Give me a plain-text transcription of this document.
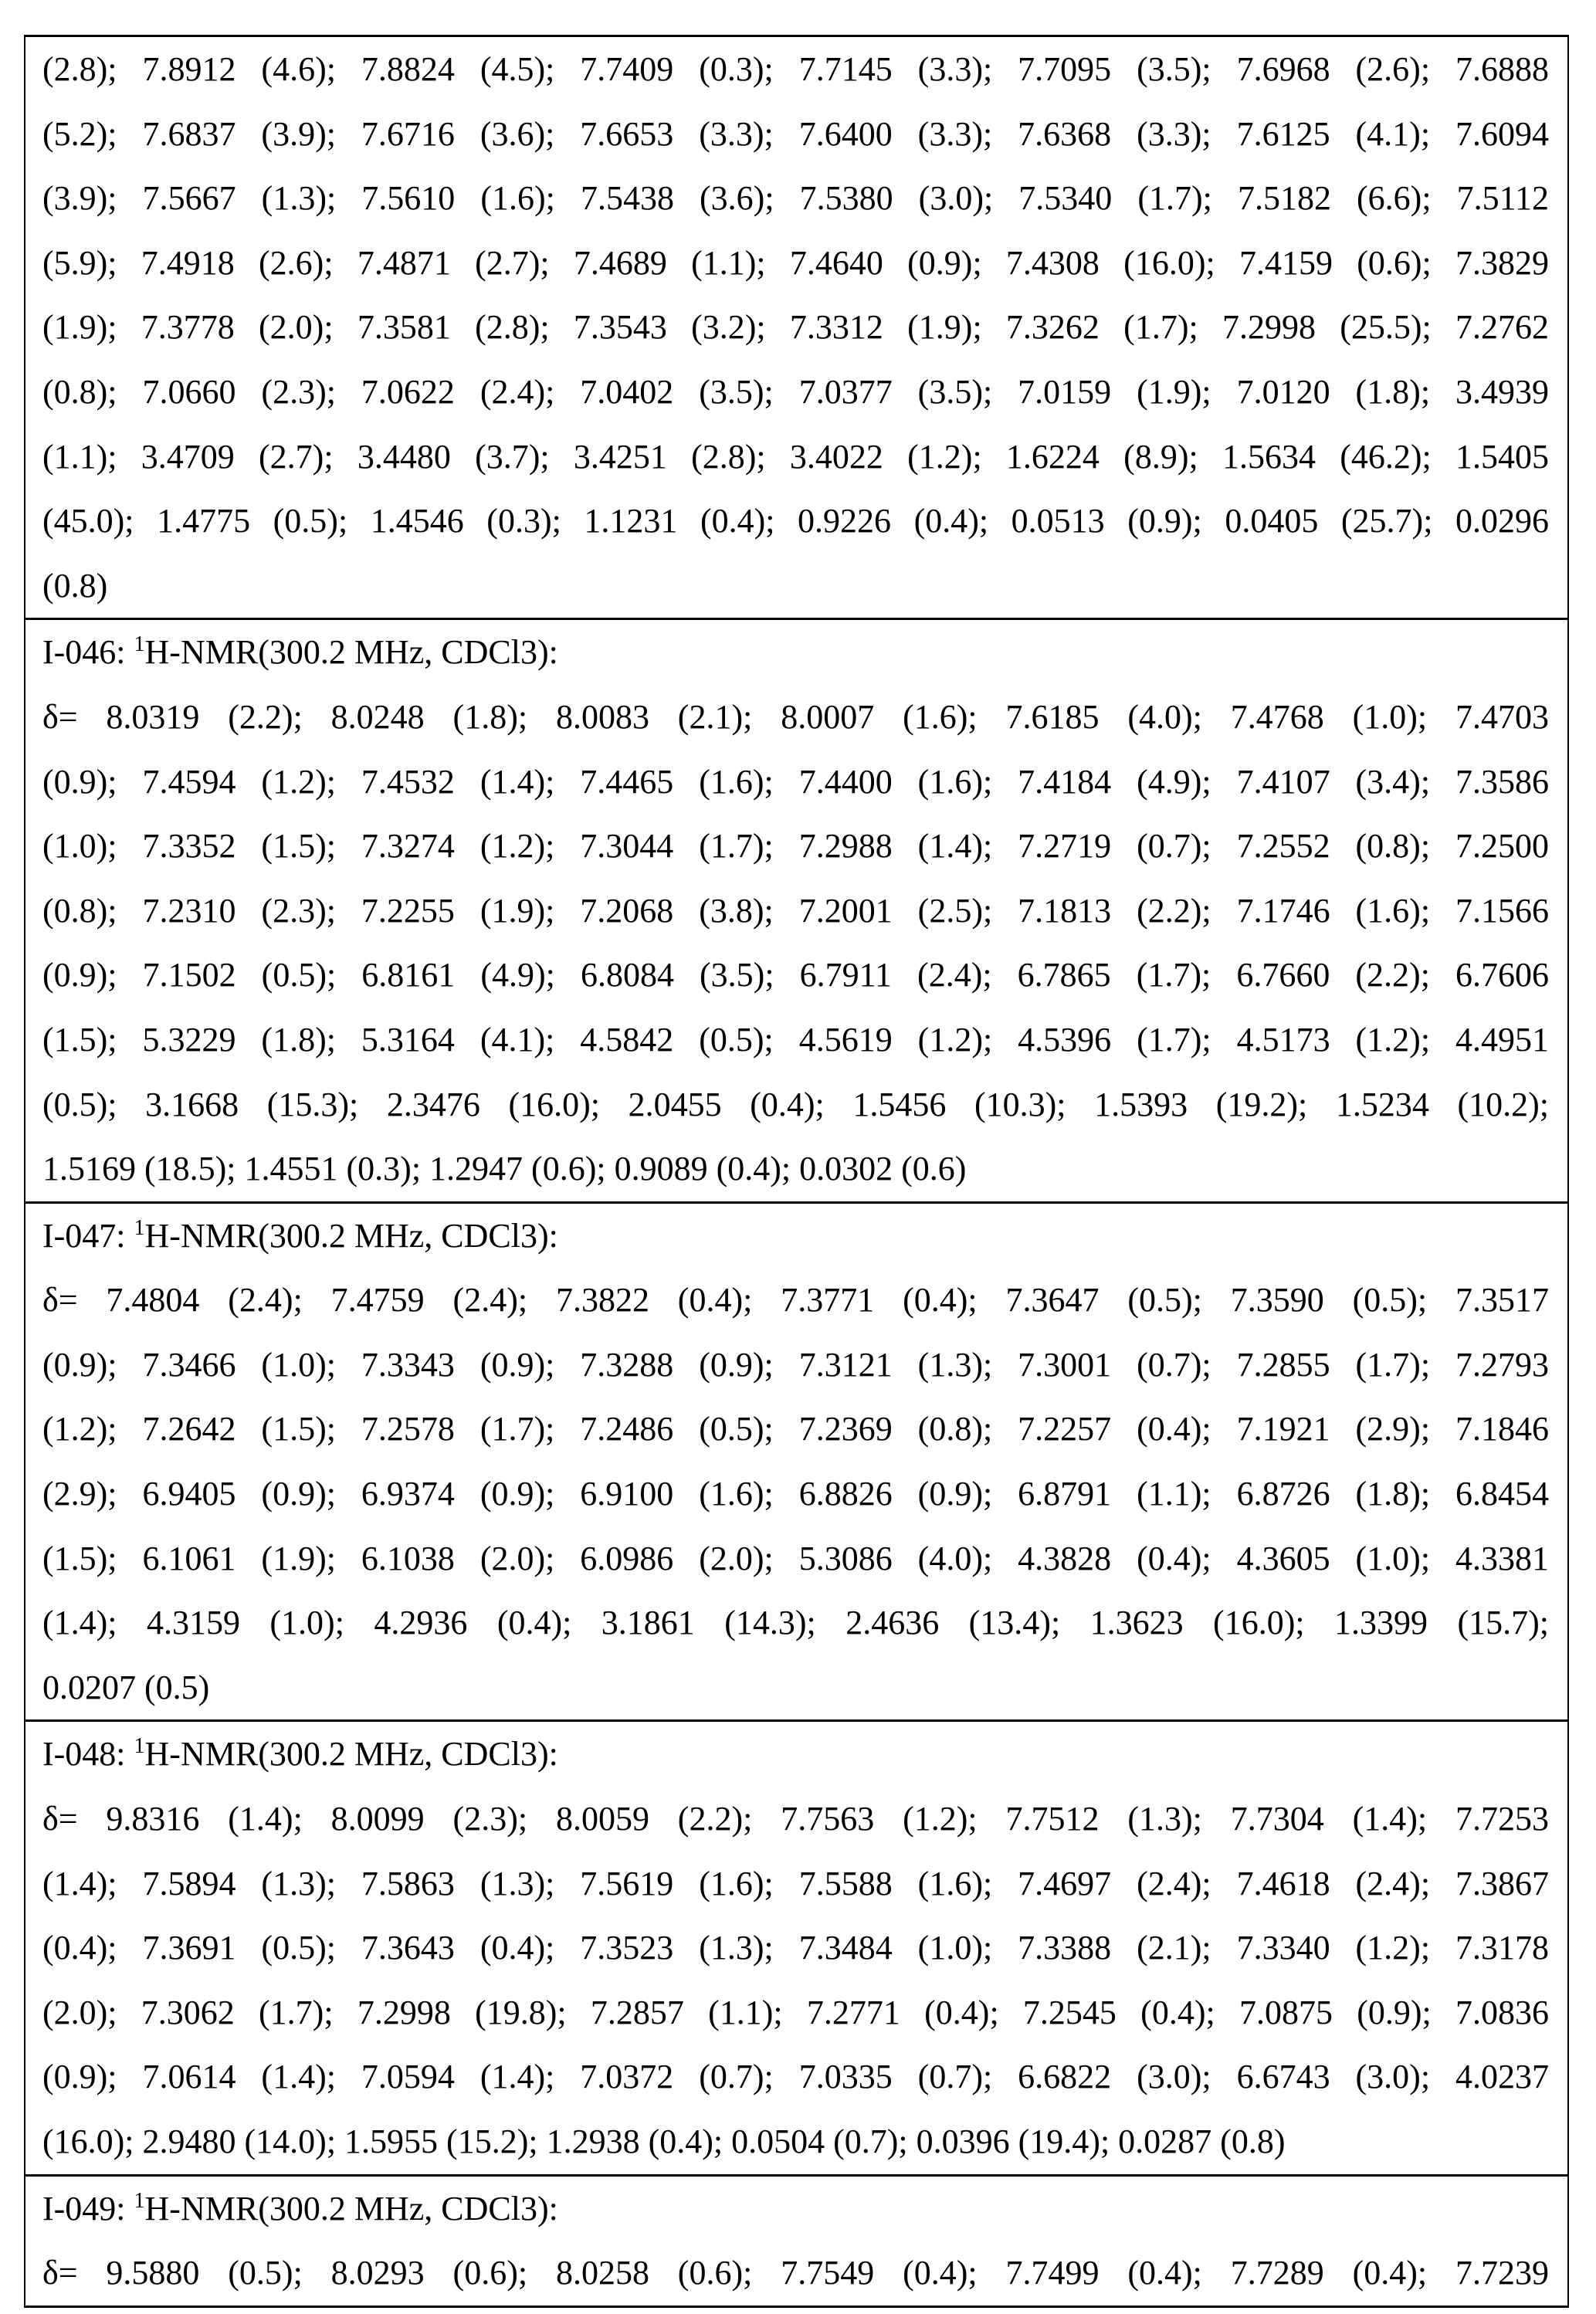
(2.8); 7.8912 (4.6); 7.8824 (4.5); 7.7409 (0.3); 7.7145 (3.3); 7.7095 (3.5); 7.6968 (2.6); 7.6888
(5.2); 7.6837 (3.9); 7.6716 (3.6); 7.6653 (3.3); 7.6400 (3.3); 7.6368 (3.3); 7.6125 (4.1); 7.6094
(3.9); 7.5667 (1.3); 7.5610 (1.6); 7.5438 (3.6); 7.5380 (3.0); 7.5340 (1.7); 7.5182 (6.6); 7.5112
(5.9); 7.4918 (2.6); 7.4871 (2.7); 7.4689 (1.1); 7.4640 (0.9); 7.4308 (16.0); 7.4159 (0.6); 7.3829
(1.9); 7.3778 (2.0); 7.3581 (2.8); 7.3543 (3.2); 7.3312 (1.9); 7.3262 (1.7); 7.2998 (25.5); 7.2762
(0.8); 7.0660 (2.3); 7.0622 (2.4); 7.0402 (3.5); 7.0377 (3.5); 7.0159 (1.9); 7.0120 (1.8); 3.4939
(1.1); 3.4709 (2.7); 3.4480 (3.7); 3.4251 (2.8); 3.4022 (1.2); 1.6224 (8.9); 1.5634 (46.2); 1.5405
(45.0); 1.4775 (0.5); 1.4546 (0.3); 1.1231 (0.4); 0.9226 (0.4); 0.0513 (0.9); 0.0405 (25.7); 0.0296
(0.8)
I-046: 1H-NMR(300.2 MHz, CDCl3):
δ= 8.0319 (2.2); 8.0248 (1.8); 8.0083 (2.1); 8.0007 (1.6); 7.6185 (4.0); 7.4768 (1.0); 7.4703
(0.9); 7.4594 (1.2); 7.4532 (1.4); 7.4465 (1.6); 7.4400 (1.6); 7.4184 (4.9); 7.4107 (3.4); 7.3586
(1.0); 7.3352 (1.5); 7.3274 (1.2); 7.3044 (1.7); 7.2988 (1.4); 7.2719 (0.7); 7.2552 (0.8); 7.2500
(0.8); 7.2310 (2.3); 7.2255 (1.9); 7.2068 (3.8); 7.2001 (2.5); 7.1813 (2.2); 7.1746 (1.6); 7.1566
(0.9); 7.1502 (0.5); 6.8161 (4.9); 6.8084 (3.5); 6.7911 (2.4); 6.7865 (1.7); 6.7660 (2.2); 6.7606
(1.5); 5.3229 (1.8); 5.3164 (4.1); 4.5842 (0.5); 4.5619 (1.2); 4.5396 (1.7); 4.5173 (1.2); 4.4951
(0.5); 3.1668 (15.3); 2.3476 (16.0); 2.0455 (0.4); 1.5456 (10.3); 1.5393 (19.2); 1.5234 (10.2);
1.5169 (18.5); 1.4551 (0.3); 1.2947 (0.6); 0.9089 (0.4); 0.0302 (0.6)
I-047: 1H-NMR(300.2 MHz, CDCl3):
δ= 7.4804 (2.4); 7.4759 (2.4); 7.3822 (0.4); 7.3771 (0.4); 7.3647 (0.5); 7.3590 (0.5); 7.3517
(0.9); 7.3466 (1.0); 7.3343 (0.9); 7.3288 (0.9); 7.3121 (1.3); 7.3001 (0.7); 7.2855 (1.7); 7.2793
(1.2); 7.2642 (1.5); 7.2578 (1.7); 7.2486 (0.5); 7.2369 (0.8); 7.2257 (0.4); 7.1921 (2.9); 7.1846
(2.9); 6.9405 (0.9); 6.9374 (0.9); 6.9100 (1.6); 6.8826 (0.9); 6.8791 (1.1); 6.8726 (1.8); 6.8454
(1.5); 6.1061 (1.9); 6.1038 (2.0); 6.0986 (2.0); 5.3086 (4.0); 4.3828 (0.4); 4.3605 (1.0); 4.3381
(1.4); 4.3159 (1.0); 4.2936 (0.4); 3.1861 (14.3); 2.4636 (13.4); 1.3623 (16.0); 1.3399 (15.7);
0.0207 (0.5)
I-048: 1H-NMR(300.2 MHz, CDCl3):
δ= 9.8316 (1.4); 8.0099 (2.3); 8.0059 (2.2); 7.7563 (1.2); 7.7512 (1.3); 7.7304 (1.4); 7.7253
(1.4); 7.5894 (1.3); 7.5863 (1.3); 7.5619 (1.6); 7.5588 (1.6); 7.4697 (2.4); 7.4618 (2.4); 7.3867
(0.4); 7.3691 (0.5); 7.3643 (0.4); 7.3523 (1.3); 7.3484 (1.0); 7.3388 (2.1); 7.3340 (1.2); 7.3178
(2.0); 7.3062 (1.7); 7.2998 (19.8); 7.2857 (1.1); 7.2771 (0.4); 7.2545 (0.4); 7.0875 (0.9); 7.0836
(0.9); 7.0614 (1.4); 7.0594 (1.4); 7.0372 (0.7); 7.0335 (0.7); 6.6822 (3.0); 6.6743 (3.0); 4.0237
(16.0); 2.9480 (14.0); 1.5955 (15.2); 1.2938 (0.4); 0.0504 (0.7); 0.0396 (19.4); 0.0287 (0.8)
I-049: 1H-NMR(300.2 MHz, CDCl3):
δ= 9.5880 (0.5); 8.0293 (0.6); 8.0258 (0.6); 7.7549 (0.4); 7.7499 (0.4); 7.7289 (0.4); 7.7239
